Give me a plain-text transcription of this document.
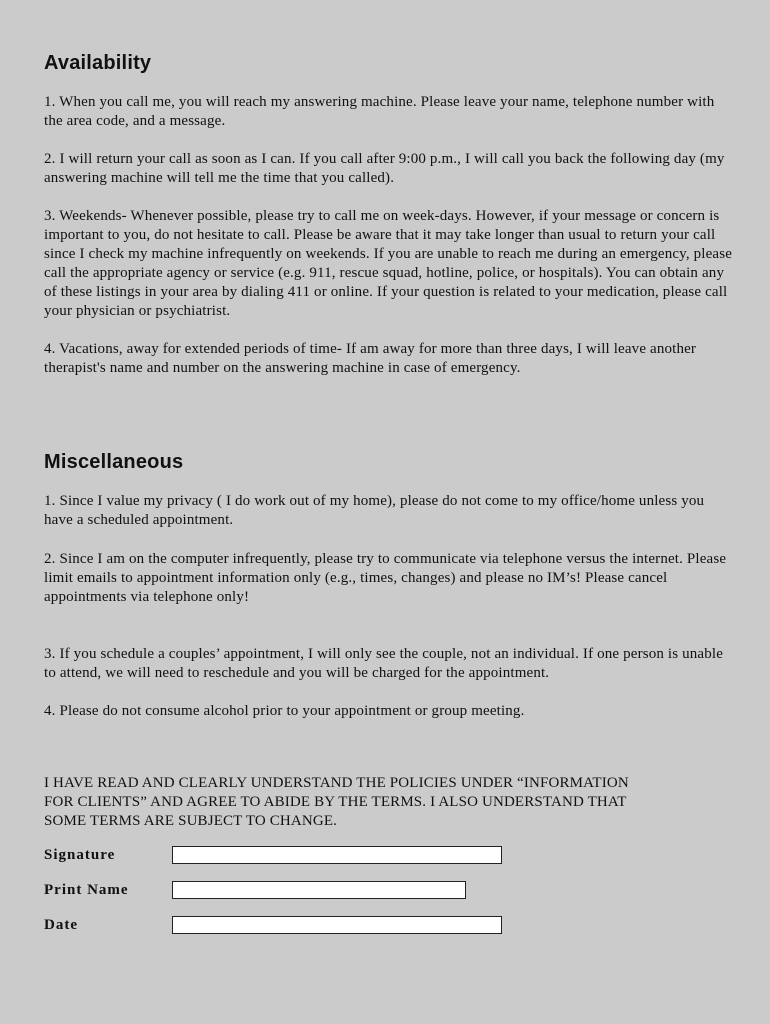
Availability

1. When you call me, you will reach my answering machine. Please leave your name, telephone number with the area code, and a message.

2. I will return your call as soon as I can. If you call after 9:00 p.m., I will call you back the following day (my answering machine will tell me the time that you called).

3. Weekends- Whenever possible, please try to call me on week-days. However, if your message or concern is important to you, do not hesitate to call. Please be aware that it may take longer than usual to return your call since I check my machine infrequently on weekends. If you are unable to reach me during an emergency, please call the appropriate agency or service (e.g. 911, rescue squad, hotline, police, or hospitals). You can obtain any of these listings in your area by dialing 411 or online. If your question is related to your medication, please call your physician or psychiatrist.

4. Vacations, away for extended periods of time- If am away for more than three days, I will leave another therapist's name and number on the answering machine in case of emergency.

Miscellaneous

1. Since I value my privacy ( I do work out of my home), please do not come to my office/home unless you have a scheduled appointment.

2. Since I am on the computer infrequently, please try to communicate via telephone versus the internet. Please limit emails to appointment information only (e.g., times, changes) and please no IM’s! Please cancel appointments via telephone only!

3. If you schedule a couples’ appointment, I will only see the couple, not an individual. If one person is unable to attend, we will need to reschedule and you will be charged for the appointment.

4. Please do not consume alcohol prior to your appointment or group meeting.

I HAVE READ AND CLEARLY UNDERSTAND THE POLICIES UNDER “INFORMATION FOR CLIENTS” AND AGREE TO ABIDE BY THE TERMS. I ALSO UNDERSTAND THAT SOME TERMS ARE SUBJECT TO CHANGE.

Signature
Print Name
Date
